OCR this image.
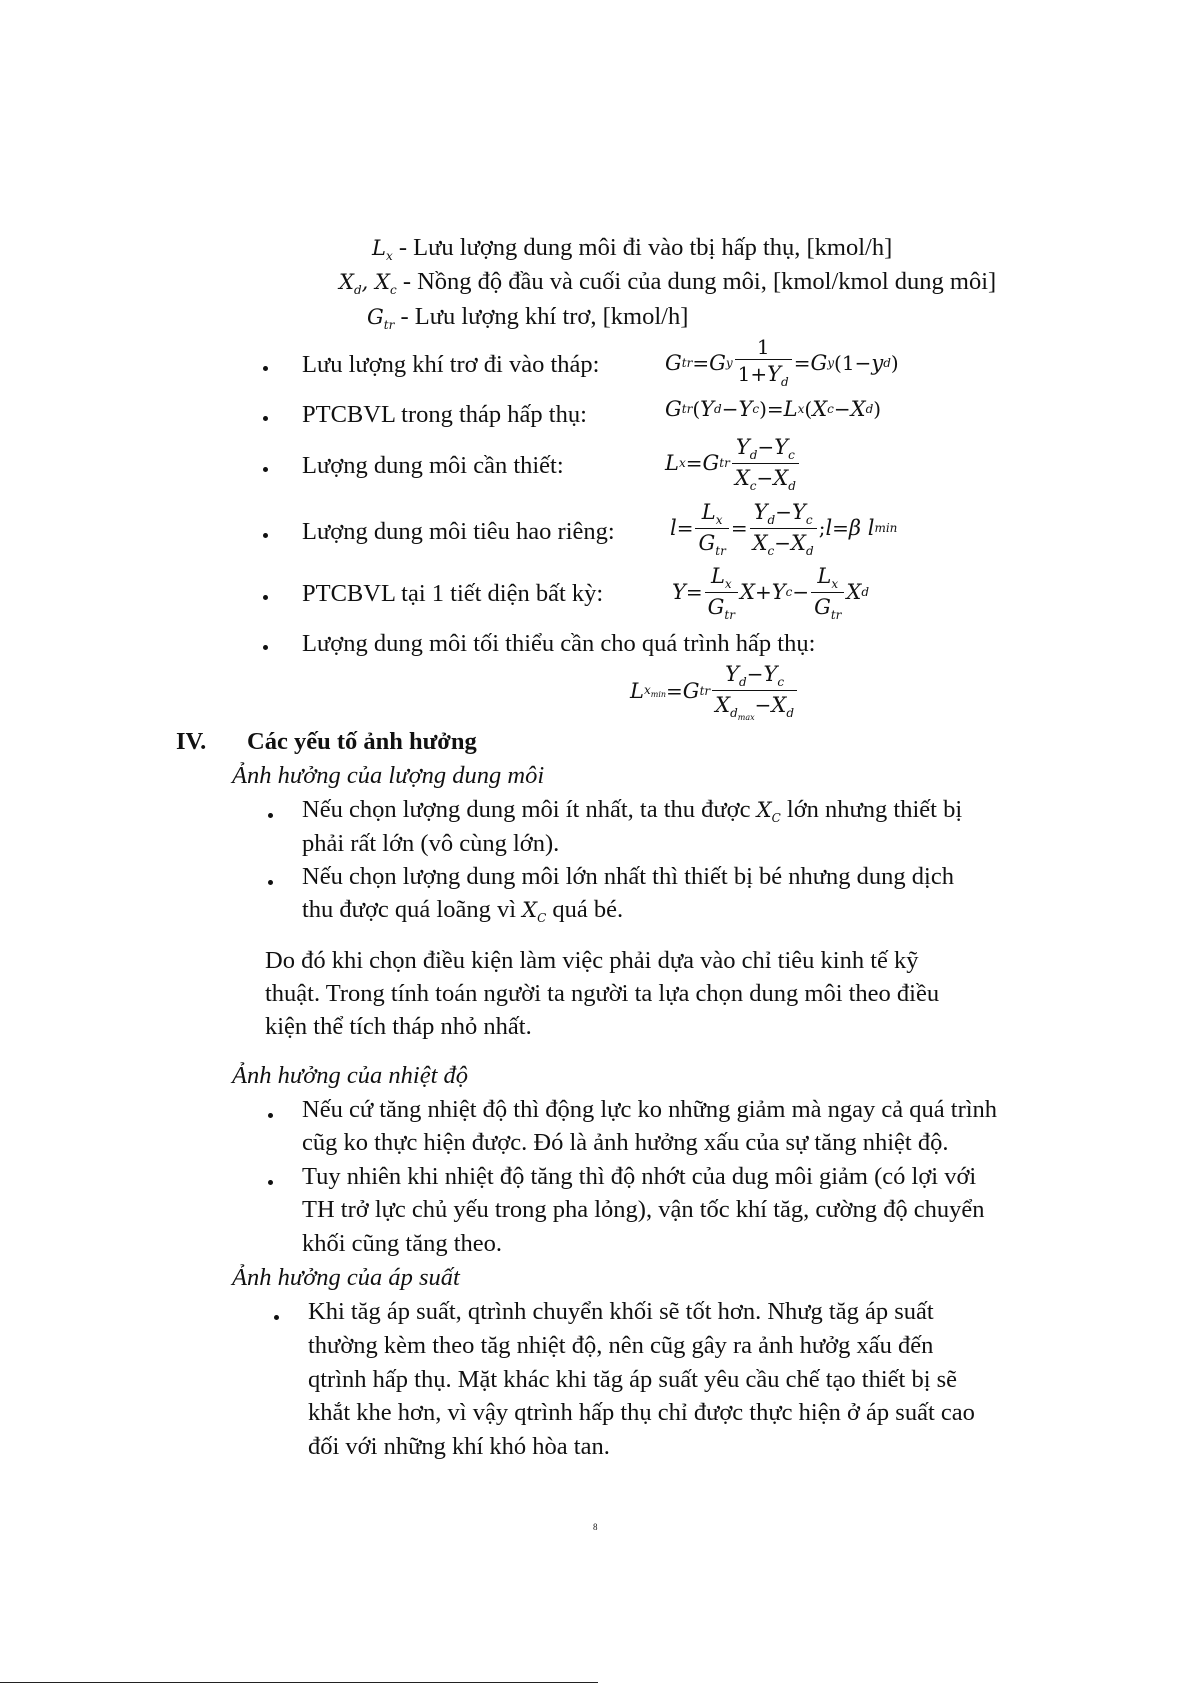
$L_x$ - Lưu lượng dung môi đi vào tbị hấp thụ, [kmol/h]
$X_d$, $X_c$ - Nồng độ đầu và cuối của dung môi, [kmol/kmol dung môi]
$G_{tr}$ - Lưu lượng khí trơ, [kmol/h]
Lưu lượng khí trơ đi vào tháp:	G tr = G y $\frac{1}{1+Y_d} = G$ y (1− y d )
PTCBVL trong tháp hấp thụ:	G tr ( Y d − Y c )= L x ( X c − X d )
Lượng dung môi cần thiết:	L x = G tr $\frac{Y_d-Y_c}{X_c-X_d}$
Lượng dung môi tiêu hao riêng:	$l = \frac{L_x}{G_{tr}} = \frac{Y_d-Y_c}{X_c-X_d}$ ; l = β l min
PTCBVL tại 1 tiết diện bất kỳ:	$Y = \frac{L_x}{G_{tr}}$ X + Y $c - \frac{L_x}{G_{tr}}$ X d
Lượng dung môi tối thiểu cần cho quá trình hấp thụ:
L $x_{min} = G$ tr $\frac{Y_d-Y_c}{X_{d_{max}}-X_d}$
IV. Các yếu tố ảnh hưởng
Ảnh hưởng của lượng dung môi
Nếu chọn lượng dung môi ít nhất, ta thu được $X_C$ lớn nhưng thiết bị
phải rất lớn (vô cùng lớn).
Nếu chọn lượng dung môi lớn nhất thì thiết bị bé nhưng dung dịch
thu được quá loãng vì $X_C$ quá bé.
Do đó khi chọn điều kiện làm việc phải dựa vào chỉ tiêu kinh tế kỹ
thuật. Trong tính toán người ta người ta lựa chọn dung môi theo điều
kiện thể tích tháp nhỏ nhất.
Ảnh hưởng của nhiệt độ
Nếu cứ tăng nhiệt độ thì động lực ko những giảm mà ngay cả quá trình
cũg ko thực hiện được. Đó là ảnh hưởng xấu của sự tăng nhiệt độ.
Tuy nhiên khi nhiệt độ tăng thì độ nhớt của dug môi giảm (có lợi với
TH trở lực chủ yếu trong pha lỏng), vận tốc khí tăg, cường độ chuyển
khối cũng tăng theo.
Ảnh hưởng của áp suất
Khi tăg áp suất, qtrình chuyển khối sẽ tốt hơn. Nhưg tăg áp suất
thường kèm theo tăg nhiệt độ, nên cũg gây ra ảnh hưởg xấu đến
qtrình hấp thụ. Mặt khác khi tăg áp suất yêu cầu chế tạo thiết bị sẽ
khắt khe hơn, vì vậy qtrình hấp thụ chỉ được thực hiện ở áp suất cao
đối với những khí khó hòa tan.
8
